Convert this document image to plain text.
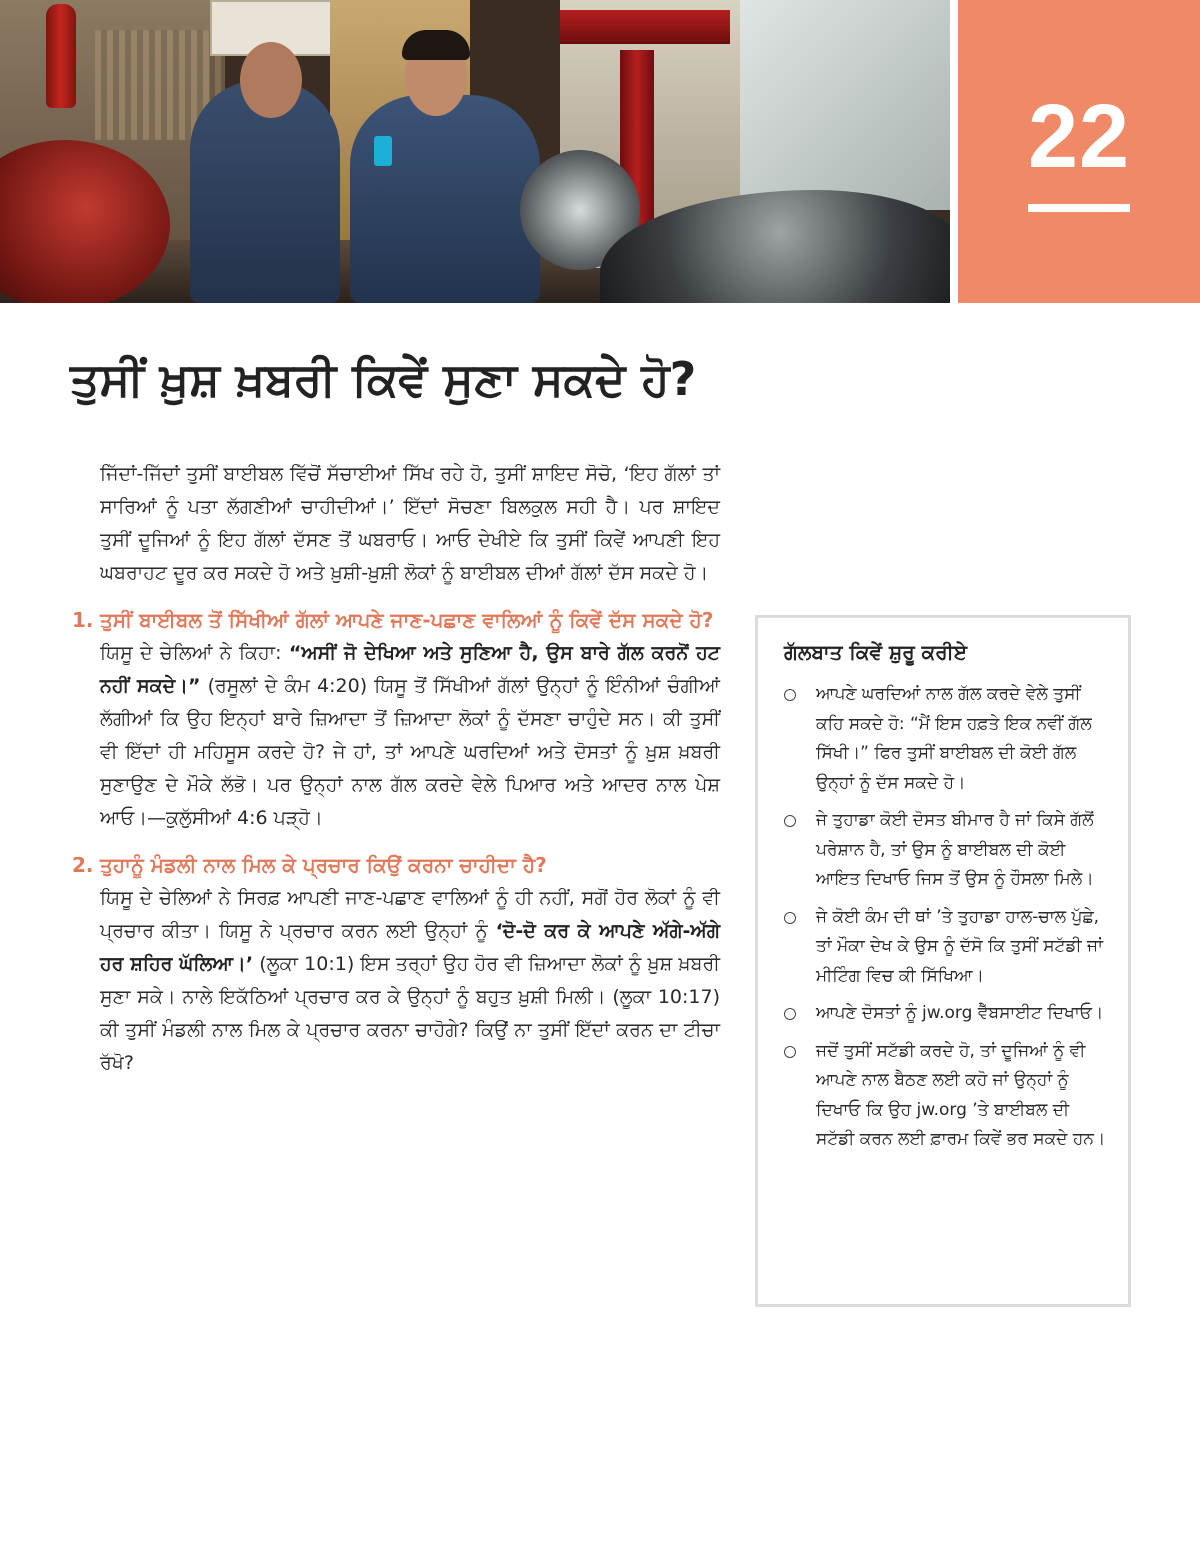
22
ਤੁਸੀਂ ਖ਼ੁਸ਼ ਖ਼ਬਰੀ ਕਿਵੇਂ ਸੁਣਾ ਸਕਦੇ ਹੋ?

ਜਿੱਦਾਂ-ਜਿੱਦਾਂ ਤੁਸੀਂ ਬਾਈਬਲ ਵਿੱਚੋਂ ਸੱਚਾਈਆਂ ਸਿੱਖ ਰਹੇ ਹੋ, ਤੁਸੀਂ ਸ਼ਾਇਦ ਸੋਚੋ, ‘ਇਹ ਗੱਲਾਂ ਤਾਂ ਸਾਰਿਆਂ ਨੂੰ ਪਤਾ ਲੱਗਣੀਆਂ ਚਾਹੀਦੀਆਂ।’ ਇੱਦਾਂ ਸੋਚਣਾ ਬਿਲਕੁਲ ਸਹੀ ਹੈ। ਪਰ ਸ਼ਾਇਦ ਤੁਸੀਂ ਦੂਜਿਆਂ ਨੂੰ ਇਹ ਗੱਲਾਂ ਦੱਸਣ ਤੋਂ ਘਬਰਾਓ। ਆਓ ਦੇਖੀਏ ਕਿ ਤੁਸੀਂ ਕਿਵੇਂ ਆਪਣੀ ਇਹ ਘਬਰਾਹਟ ਦੂਰ ਕਰ ਸਕਦੇ ਹੋ ਅਤੇ ਖ਼ੁਸ਼ੀ-ਖ਼ੁਸ਼ੀ ਲੋਕਾਂ ਨੂੰ ਬਾਈਬਲ ਦੀਆਂ ਗੱਲਾਂ ਦੱਸ ਸਕਦੇ ਹੋ।

1. ਤੁਸੀਂ ਬਾਈਬਲ ਤੋਂ ਸਿੱਖੀਆਂ ਗੱਲਾਂ ਆਪਣੇ ਜਾਣ-ਪਛਾਣ ਵਾਲਿਆਂ ਨੂੰ ਕਿਵੇਂ ਦੱਸ ਸਕਦੇ ਹੋ?

ਯਿਸੂ ਦੇ ਚੇਲਿਆਂ ਨੇ ਕਿਹਾ: “ਅਸੀਂ ਜੋ ਦੇਖਿਆ ਅਤੇ ਸੁਣਿਆ ਹੈ, ਉਸ ਬਾਰੇ ਗੱਲ ਕਰਨੋਂ ਹਟ ਨਹੀਂ ਸਕਦੇ।” (ਰਸੂਲਾਂ ਦੇ ਕੰਮ 4:20) ਯਿਸੂ ਤੋਂ ਸਿੱਖੀਆਂ ਗੱਲਾਂ ਉਨ੍ਹਾਂ ਨੂੰ ਇੰਨੀਆਂ ਚੰਗੀਆਂ ਲੱਗੀਆਂ ਕਿ ਉਹ ਇਨ੍ਹਾਂ ਬਾਰੇ ਜ਼ਿਆਦਾ ਤੋਂ ਜ਼ਿਆਦਾ ਲੋਕਾਂ ਨੂੰ ਦੱਸਣਾ ਚਾਹੁੰਦੇ ਸਨ। ਕੀ ਤੁਸੀਂ ਵੀ ਇੱਦਾਂ ਹੀ ਮਹਿਸੂਸ ਕਰਦੇ ਹੋ? ਜੇ ਹਾਂ, ਤਾਂ ਆਪਣੇ ਘਰਦਿਆਂ ਅਤੇ ਦੋਸਤਾਂ ਨੂੰ ਖ਼ੁਸ਼ ਖ਼ਬਰੀ ਸੁਣਾਉਣ ਦੇ ਮੌਕੇ ਲੱਭੋ। ਪਰ ਉਨ੍ਹਾਂ ਨਾਲ ਗੱਲ ਕਰਦੇ ਵੇਲੇ ਪਿਆਰ ਅਤੇ ਆਦਰ ਨਾਲ ਪੇਸ਼ ਆਓ।—ਕੁਲੁੱਸੀਆਂ 4:6 ਪੜ੍ਹੋ।

2. ਤੁਹਾਨੂੰ ਮੰਡਲੀ ਨਾਲ ਮਿਲ ਕੇ ਪ੍ਰਚਾਰ ਕਿਉਂ ਕਰਨਾ ਚਾਹੀਦਾ ਹੈ?

ਯਿਸੂ ਦੇ ਚੇਲਿਆਂ ਨੇ ਸਿਰਫ਼ ਆਪਣੀ ਜਾਣ-ਪਛਾਣ ਵਾਲਿਆਂ ਨੂੰ ਹੀ ਨਹੀਂ, ਸਗੋਂ ਹੋਰ ਲੋਕਾਂ ਨੂੰ ਵੀ ਪ੍ਰਚਾਰ ਕੀਤਾ। ਯਿਸੂ ਨੇ ਪ੍ਰਚਾਰ ਕਰਨ ਲਈ ਉਨ੍ਹਾਂ ਨੂੰ ‘ਦੋ-ਦੋ ਕਰ ਕੇ ਆਪਣੇ ਅੱਗੇ-ਅੱਗੇ ਹਰ ਸ਼ਹਿਰ ਘੱਲਿਆ।’ (ਲੂਕਾ 10:1) ਇਸ ਤਰ੍ਹਾਂ ਉਹ ਹੋਰ ਵੀ ਜ਼ਿਆਦਾ ਲੋਕਾਂ ਨੂੰ ਖ਼ੁਸ਼ ਖ਼ਬਰੀ ਸੁਣਾ ਸਕੇ। ਨਾਲੇ ਇਕੱਠਿਆਂ ਪ੍ਰਚਾਰ ਕਰ ਕੇ ਉਨ੍ਹਾਂ ਨੂੰ ਬਹੁਤ ਖ਼ੁਸ਼ੀ ਮਿਲੀ। (ਲੂਕਾ 10:17) ਕੀ ਤੁਸੀਂ ਮੰਡਲੀ ਨਾਲ ਮਿਲ ਕੇ ਪ੍ਰਚਾਰ ਕਰਨਾ ਚਾਹੋਗੇ? ਕਿਉਂ ਨਾ ਤੁਸੀਂ ਇੱਦਾਂ ਕਰਨ ਦਾ ਟੀਚਾ ਰੱਖੋ?

ਗੱਲਬਾਤ ਕਿਵੇਂ ਸ਼ੁਰੂ ਕਰੀਏ
ਆਪਣੇ ਘਰਦਿਆਂ ਨਾਲ ਗੱਲ ਕਰਦੇ ਵੇਲੇ ਤੁਸੀਂ ਕਹਿ ਸਕਦੇ ਹੋ: “ਮੈਂ ਇਸ ਹਫ਼ਤੇ ਇਕ ਨਵੀਂ ਗੱਲ ਸਿੱਖੀ।” ਫਿਰ ਤੁਸੀਂ ਬਾਈਬਲ ਦੀ ਕੋਈ ਗੱਲ ਉਨ੍ਹਾਂ ਨੂੰ ਦੱਸ ਸਕਦੇ ਹੋ।
ਜੇ ਤੁਹਾਡਾ ਕੋਈ ਦੋਸਤ ਬੀਮਾਰ ਹੈ ਜਾਂ ਕਿਸੇ ਗੱਲੋਂ ਪਰੇਸ਼ਾਨ ਹੈ, ਤਾਂ ਉਸ ਨੂੰ ਬਾਈਬਲ ਦੀ ਕੋਈ ਆਇਤ ਦਿਖਾਓ ਜਿਸ ਤੋਂ ਉਸ ਨੂੰ ਹੌਸਲਾ ਮਿਲੇ।
ਜੇ ਕੋਈ ਕੰਮ ਦੀ ਥਾਂ ’ਤੇ ਤੁਹਾਡਾ ਹਾਲ-ਚਾਲ ਪੁੱਛੇ, ਤਾਂ ਮੌਕਾ ਦੇਖ ਕੇ ਉਸ ਨੂੰ ਦੱਸੋ ਕਿ ਤੁਸੀਂ ਸਟੱਡੀ ਜਾਂ ਮੀਟਿੰਗ ਵਿਚ ਕੀ ਸਿੱਖਿਆ।
ਆਪਣੇ ਦੋਸਤਾਂ ਨੂੰ jw.org ਵੈੱਬਸਾਈਟ ਦਿਖਾਓ।
ਜਦੋਂ ਤੁਸੀਂ ਸਟੱਡੀ ਕਰਦੇ ਹੋ, ਤਾਂ ਦੂਜਿਆਂ ਨੂੰ ਵੀ ਆਪਣੇ ਨਾਲ ਬੈਠਣ ਲਈ ਕਹੋ ਜਾਂ ਉਨ੍ਹਾਂ ਨੂੰ ਦਿਖਾਓ ਕਿ ਉਹ jw.org ’ਤੇ ਬਾਈਬਲ ਦੀ ਸਟੱਡੀ ਕਰਨ ਲਈ ਫ਼ਾਰਮ ਕਿਵੇਂ ਭਰ ਸਕਦੇ ਹਨ।
